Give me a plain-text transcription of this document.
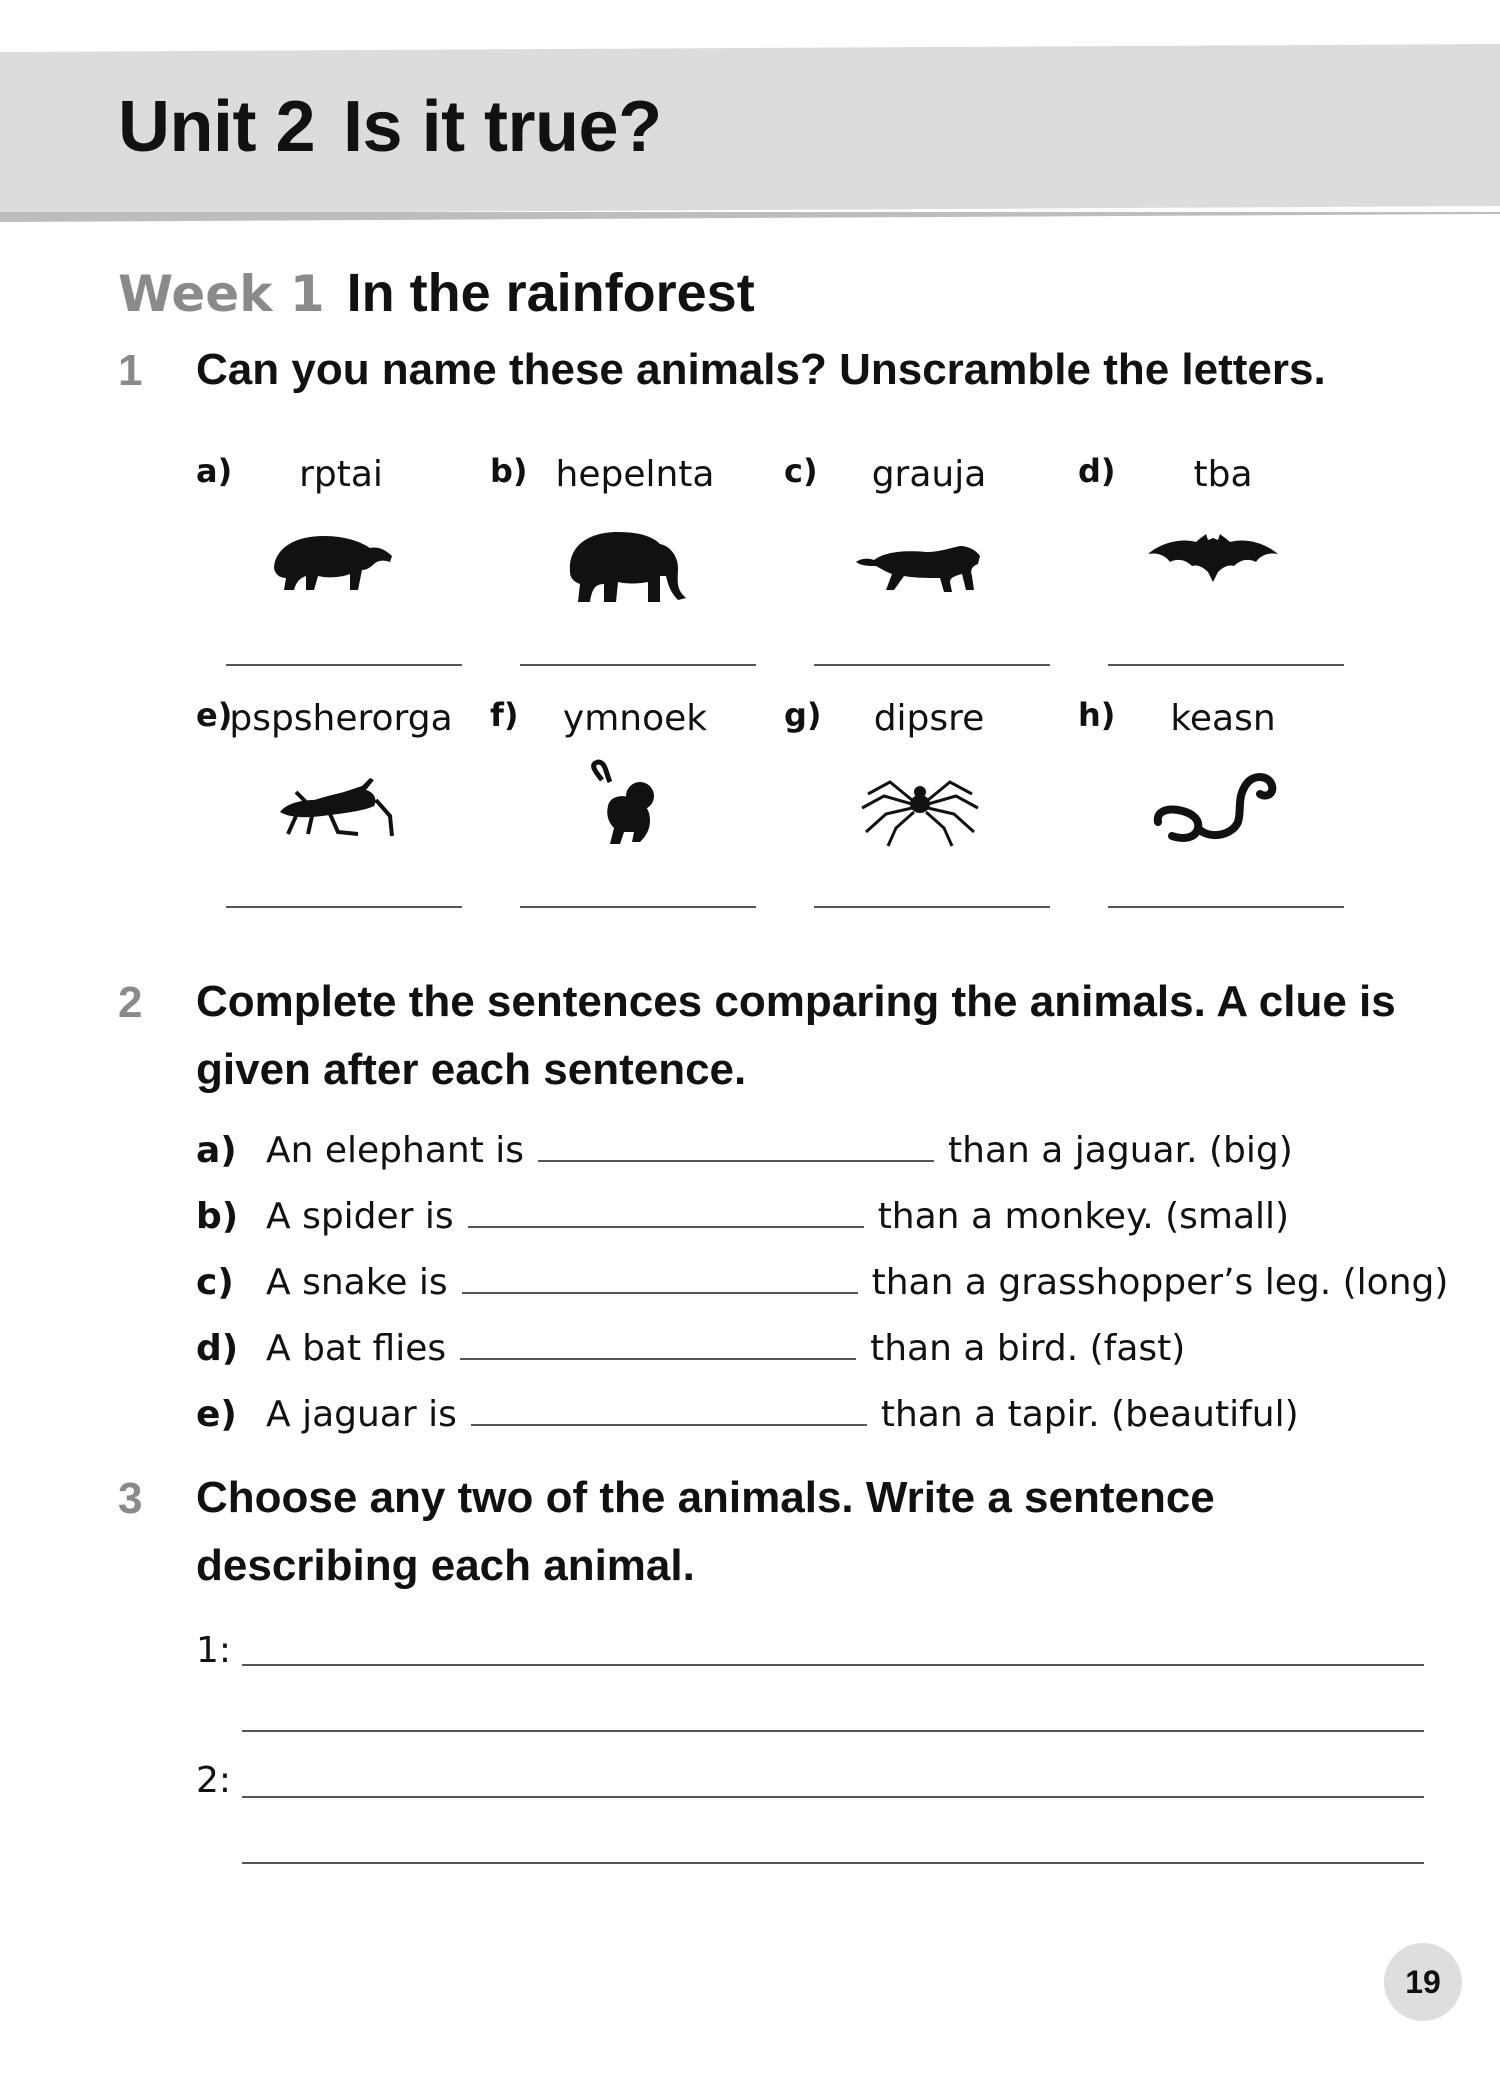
Unit 2 Is it true?
Week 1 In the rainforest
1 Can you name these animals? Unscramble the letters.
a)	rptai	b) hepelnta	c)	grauja	d)	tba
e)
pspsherorga f)	ymnoek	g)	dipsre	h)	keasn
2 Complete the sentences comparing the animals. A clue is given after each sentence.
a) An elephant is	than a jaguar. (big)
b) A spider is	than a monkey. (small)
c) A snake is	than a grasshopper’s leg. (long)
d) A bat flies	than a bird. (fast)
e) A jaguar is	than a tapir. (beautiful)
3 Choose any two of the animals. Write a sentence describing each animal.
1:
2:
19
